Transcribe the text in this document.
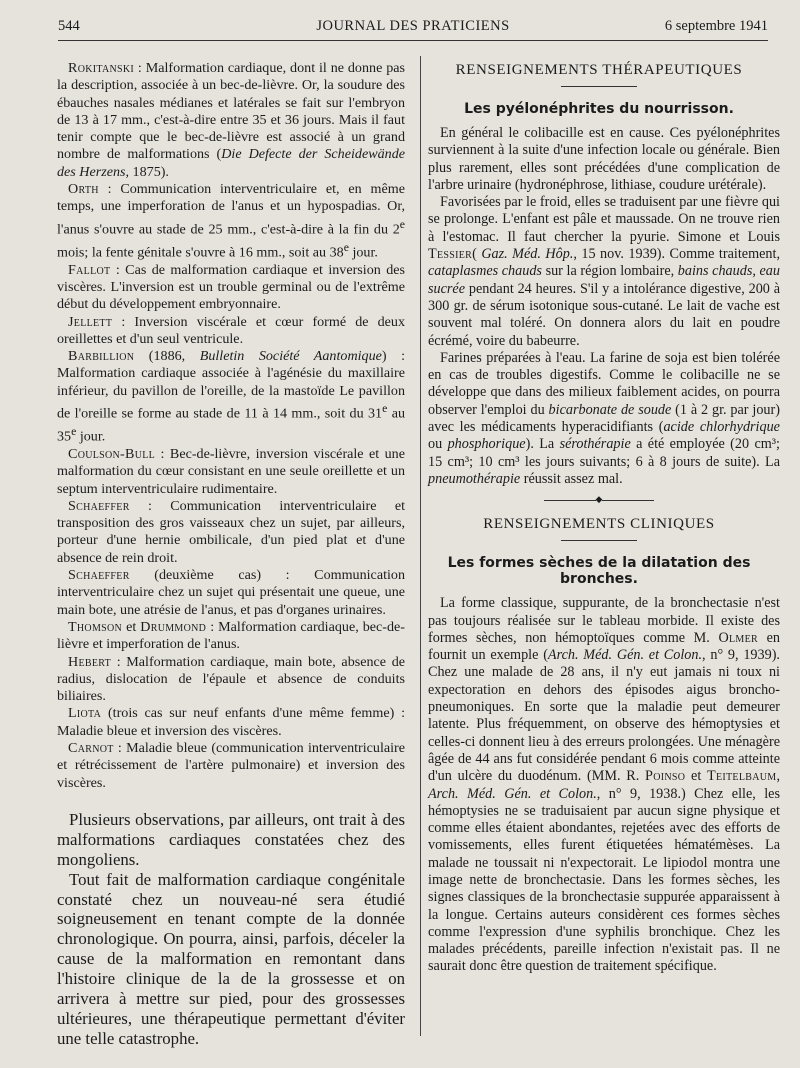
544	JOURNAL DES PRATICIENS	6 septembre 1941

Rokitanski : Malformation cardiaque, dont il ne donne pas la description, associée à un bec-de-lièvre. Or, la soudure des ébauches nasales médianes et latérales se fait sur l'embryon de 13 à 17 mm., c'est-à-dire entre 35 et 36 jours. Mais il faut tenir compte que le bec-de-lièvre est associé à un grand nombre de malformations (Die Defecte der Scheidewände des Herzens, 1875).

Orth : Communication interventriculaire et, en même temps, une imperforation de l'anus et un hypospadias. Or, l'anus s'ouvre au stade de 25 mm., c'est-à-dire à la fin du 2e mois; la fente génitale s'ouvre à 16 mm., soit au 38e jour.

Fallot : Cas de malformation cardiaque et inversion des viscères. L'inversion est un trouble germinal ou de l'extrême début du développement embryonnaire.

Jellett : Inversion viscérale et cœur formé de deux oreillettes et d'un seul ventricule.

Barbillion (1886, Bulletin Société Aantomique) : Malformation cardiaque associée à l'agénésie du maxillaire inférieur, du pavillon de l'oreille, de la mastoïde Le pavillon de l'oreille se forme au stade de 11 à 14 mm., soit du 31e au 35e jour.

Coulson-Bull : Bec-de-lièvre, inversion viscérale et une malformation du cœur consistant en une seule oreillette et un septum interventriculaire rudimentaire.

Schaeffer : Communication interventriculaire et transposition des gros vaisseaux chez un sujet, par ailleurs, porteur d'une hernie ombilicale, d'un pied plat et d'une absence de rein droit.

Schaeffer (deuxième cas) : Communication interventriculaire chez un sujet qui présentait une queue, une main bote, une atrésie de l'anus, et pas d'organes urinaires.

Thomson et Drummond : Malformation cardiaque, bec-de-lièvre et imperforation de l'anus.

Hebert : Malformation cardiaque, main bote, absence de radius, dislocation de l'épaule et absence de conduits biliaires.

Liota (trois cas sur neuf enfants d'une même femme) : Maladie bleue et inversion des viscères.

Carnot : Maladie bleue (communication interventriculaire et rétrécissement de l'artère pulmonaire) et inversion des viscères.

Plusieurs observations, par ailleurs, ont trait à des malformations cardiaques constatées chez des mongoliens.

Tout fait de malformation cardiaque congénitale constaté chez un nouveau-né sera étudié soigneusement en tenant compte de la donnée chronologique. On pourra, ainsi, parfois, déceler la cause de la malformation en remontant dans l'histoire clinique de la de la grossesse et on arrivera à mettre sur pied, pour des grossesses ultérieures, une thérapeutique permettant d'éviter une telle catastrophe.

RENSEIGNEMENTS THÉRAPEUTIQUES

Les pyélonéphrites du nourrisson.

En général le colibacille est en cause. Ces pyélonéphrites surviennent à la suite d'une infection locale ou générale. Bien plus rarement, elles sont précédées d'une complication de l'arbre urinaire (hydronéphrose, lithiase, coudure urétérale).

Favorisées par le froid, elles se traduisent par une fièvre qui se prolonge. L'enfant est pâle et maussade. On ne trouve rien à l'estomac. Il faut chercher la pyurie. Simone et Louis Tessier( Gaz. Méd. Hôp., 15 nov. 1939). Comme traitement, cataplasmes chauds sur la région lombaire, bains chauds, eau sucrée pendant 24 heures. S'il y a intolérance digestive, 200 à 300 gr. de sérum isotonique sous-cutané. Le lait de vache est souvent mal toléré. On donnera alors du lait en poudre écrémé, voire du babeurre.

Farines préparées à l'eau. La farine de soja est bien tolérée en cas de troubles digestifs. Comme le colibacille ne se développe que dans des milieux faiblement acides, on pourra observer l'emploi du bicarbonate de soude (1 à 2 gr. par jour) avec les médicaments hyperacidifiants (acide chlorhydrique ou phosphorique). La sérothérapie a été employée (20 cm³; 15 cm³; 10 cm³ les jours suivants; 6 à 8 jours de suite). La pneumothérapie réussit assez mal.

◆

RENSEIGNEMENTS CLINIQUES

Les formes sèches de la dilatation des bronches.

La forme classique, suppurante, de la bronchectasie n'est pas toujours réalisée sur le tableau morbide. Il existe des formes sèches, non hémoptoïques comme M. Olmer en fournit un exemple (Arch. Méd. Gén. et Colon., n° 9, 1939). Chez une malade de 28 ans, il n'y eut jamais ni toux ni expectoration en dehors des épisodes aigus broncho-pneumoniques. En sorte que la maladie peut demeurer latente. Plus fréquemment, on observe des hémoptysies et celles-ci donnent lieu à des erreurs prolongées. Une ménagère âgée de 44 ans fut considérée pendant 6 mois comme atteinte d'un ulcère du duodénum. (MM. R. Poinso et Teitelbaum, Arch. Méd. Gén. et Colon., n° 9, 1938.) Chez elle, les hémoptysies ne se traduisaient par aucun signe physique et comme elles étaient abondantes, rejetées avec des efforts de vomissements, elles furent étiquetées hématémèses. La malade ne toussait ni n'expectorait. Le lipiodol montra une image nette de bronchectasie. Dans les formes sèches, les signes classiques de la bronchectasie suppurée apparaissent à la longue. Certains auteurs considèrent ces formes sèches comme l'expression d'une syphilis bronchique. Chez les malades précédents, pareille infection n'existait pas. Il ne saurait donc être question de traitement spécifique.
